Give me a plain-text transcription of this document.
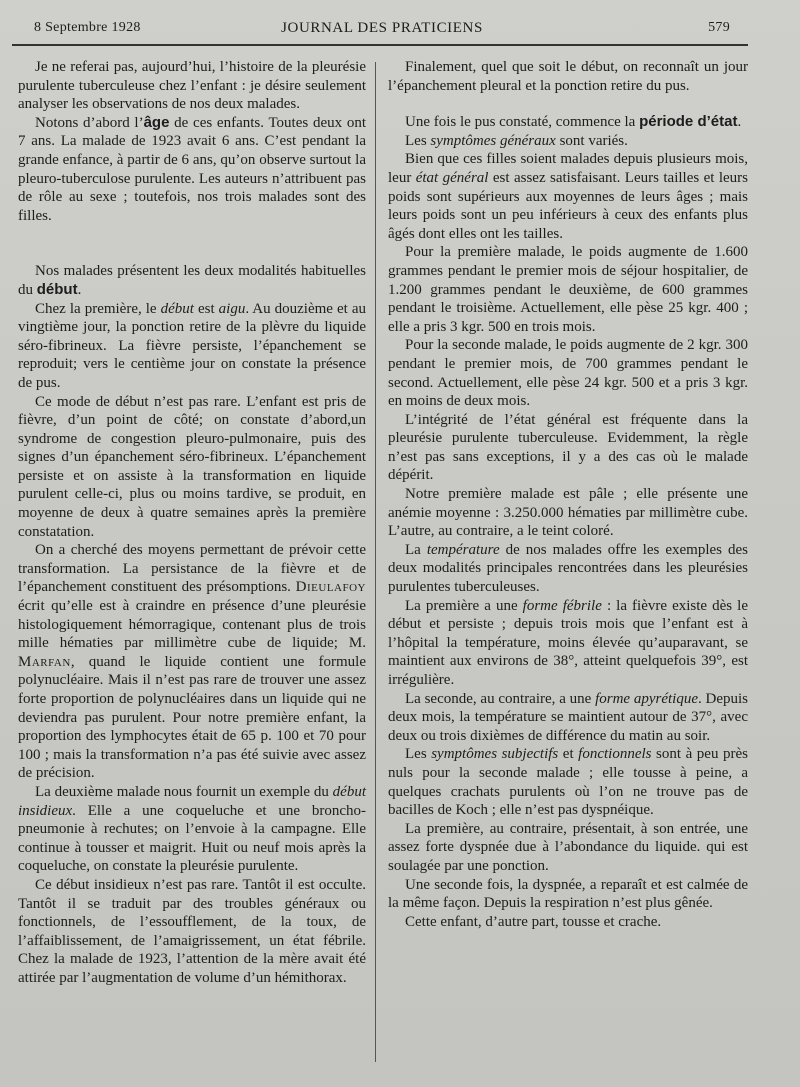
8 Septembre 1928	JOURNAL DES PRATICIENS	579

Je ne referai pas, aujourd’hui, l’histoire de la pleurésie purulente tuberculeuse chez l’enfant : je désire seulement analyser les observations de nos deux malades.

Notons d’abord l’âge de ces enfants. Toutes deux ont 7 ans. La malade de 1923 avait 6 ans. C’est pendant la grande enfance, à partir de 6 ans, qu’on observe surtout la pleuro-tuberculose purulente. Les auteurs n’attribuent pas de rôle au sexe ; toutefois, nos trois malades sont des filles.

Nos malades présentent les deux modalités habituelles du début.

Chez la première, le début est aigu. Au douzième et au vingtième jour, la ponction retire de la plèvre du liquide séro-fibrineux. La fièvre persiste, l’épanchement se reproduit; vers le centième jour on constate la présence de pus.

Ce mode de début n’est pas rare. L’enfant est pris de fièvre, d’un point de côté; on constate d’abord,un syndrome de congestion pleuro-pulmonaire, puis des signes d’un épanchement séro-fibrineux. L’épanchement persiste et on assiste à la transformation en liquide purulent celle-ci, plus ou moins tardive, se produit, en moyenne de deux à quatre semaines après la première constatation.

On a cherché des moyens permettant de prévoir cette transformation. La persistance de la fièvre et de l’épanchement constituent des présomptions. Dieulafoy écrit qu’elle est à craindre en présence d’une pleurésie histologiquement hémorragique, contenant plus de trois mille hématies par millimètre cube de liquide; M. Marfan, quand le liquide contient une formule polynucléaire. Mais il n’est pas rare de trouver une assez forte proportion de polynucléaires dans un liquide qui ne deviendra pas purulent. Pour notre première enfant, la proportion des lymphocytes était de 65 p. 100 et 70 pour 100 ; mais la transformation n’a pas été suivie avec assez de précision.

La deuxième malade nous fournit un exemple du début insidieux. Elle a une coqueluche et une broncho-pneumonie à rechutes; on l’envoie à la campagne. Elle continue à tousser et maigrit. Huit ou neuf mois après la coqueluche, on constate la pleurésie purulente.

Ce début insidieux n’est pas rare. Tantôt il est occulte. Tantôt il se traduit par des troubles généraux ou fonctionnels, de l’essoufflement, de la toux, de l’affaiblissement, de l’amaigrissement, un état fébrile. Chez la malade de 1923, l’attention de la mère avait été attirée par l’augmentation de volume d’un hémithorax.

Finalement, quel que soit le début, on reconnaît un jour l’épanchement pleural et la ponction retire du pus.

Une fois le pus constaté, commence la période d’état.

Les symptômes généraux sont variés.

Bien que ces filles soient malades depuis plusieurs mois, leur état général est assez satisfaisant. Leurs tailles et leurs poids sont supérieurs aux moyennes de leurs âges ; mais leurs poids sont un peu inférieurs à ceux des enfants plus âgés dont elles ont les tailles.

Pour la première malade, le poids augmente de 1.600 grammes pendant le premier mois de séjour hospitalier, de 1.200 grammes pendant le deuxième, de 600 grammes pendant le troisième. Actuellement, elle pèse 25 kgr. 400 ; elle a pris 3 kgr. 500 en trois mois.

Pour la seconde malade, le poids augmente de 2 kgr. 300 pendant le premier mois, de 700 grammes pendant le second. Actuellement, elle pèse 24 kgr. 500 et a pris 3 kgr. en moins de deux mois.

L’intégrité de l’état général est fréquente dans la pleurésie purulente tuberculeuse. Evidemment, la règle n’est pas sans exceptions, il y a des cas où le malade dépérit.

Notre première malade est pâle ; elle présente une anémie moyenne : 3.250.000 hématies par millimètre cube. L’autre, au contraire, a le teint coloré.

La température de nos malades offre les exemples des deux modalités principales rencontrées dans les pleurésies purulentes tuberculeuses.

La première a une forme fébrile : la fièvre existe dès le début et persiste ; depuis trois mois que l’enfant est à l’hôpital la température, moins élevée qu’auparavant, se maintient aux environs de 38°, atteint quelquefois 39°, est irrégulière.

La seconde, au contraire, a une forme apyrétique. Depuis deux mois, la température se maintient autour de 37°, avec deux ou trois dixièmes de différence du matin au soir.

Les symptômes subjectifs et fonctionnels sont à peu près nuls pour la seconde malade ; elle tousse à peine, a quelques crachats purulents où l’on ne trouve pas de bacilles de Koch ; elle n’est pas dyspnéique.

La première, au contraire, présentait, à son entrée, une assez forte dyspnée due à l’abondance du liquide. qui est soulagée par une ponction.

Une seconde fois, la dyspnée, a reparaît et est calmée de la même façon. Depuis la respiration n’est plus gênée.

Cette enfant, d’autre part, tousse et crache.
